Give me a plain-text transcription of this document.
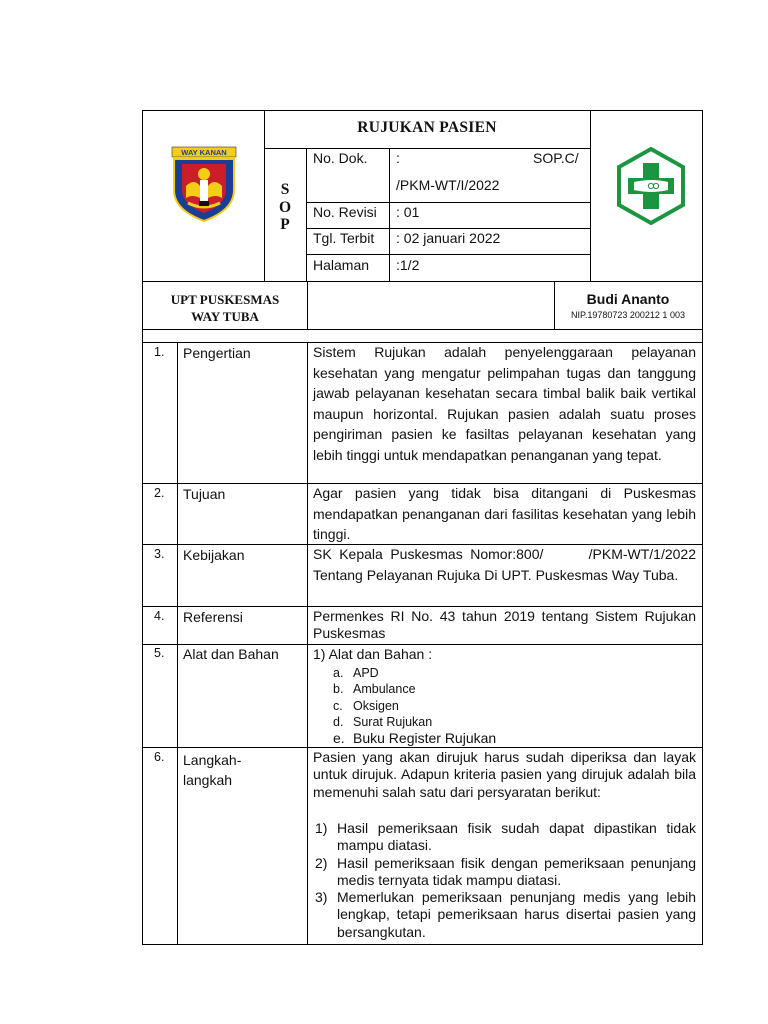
WAY KANAN
RUJUKAN PASIEN
S
O
P
No. Dok. :	SOP.C/
/PKM-WT/I/2022
No. Revisi : 01
Tgl. Terbit : 02 januari 2022
Halaman :1/2
UPT PUSKESMAS
WAY TUBA
Budi Ananto
NIP.19780723 200212 1 003
1. Pengertian	Sistem Rujukan adalah penyelenggaraan pelayanan kesehatan yang mengatur pelimpahan tugas dan tanggung jawab pelayanan kesehatan secara timbal balik baik vertikal maupun horizontal. Rujukan pasien adalah suatu proses pengiriman pasien ke fasiltas pelayanan kesehatan yang lebih tinggi untuk mendapatkan penanganan yang tepat.
2. Tujuan	Agar pasien yang tidak bisa ditangani di Puskesmas mendapatkan penanganan dari fasilitas kesehatan yang lebih tinggi.
3. Kebijakan	SK Kepala Puskesmas Nomor:800/      /PKM-WT/1/2022 Tentang Pelayanan Rujuka Di UPT. Puskesmas Way Tuba.
4. Referensi	Permenkes RI No. 43 tahun 2019 tentang Sistem Rujukan Puskesmas
5. Alat dan Bahan 1) Alat dan Bahan :
a. APD
b. Ambulance
c. Oksigen
d. Surat Rujukan
e. Buku Register Rujukan
6. Langkah-
langkah
Pasien yang akan dirujuk harus sudah diperiksa dan layak untuk dirujuk. Adapun kriteria pasien yang dirujuk adalah bila memenuhi salah satu dari persyaratan berikut:
1) Hasil pemeriksaan fisik sudah dapat dipastikan tidak mampu diatasi.
2) Hasil pemeriksaan fisik dengan pemeriksaan penunjang medis ternyata tidak mampu diatasi.
3) Memerlukan pemeriksaan penunjang medis yang lebih lengkap, tetapi pemeriksaan harus disertai pasien yang bersangkutan.
